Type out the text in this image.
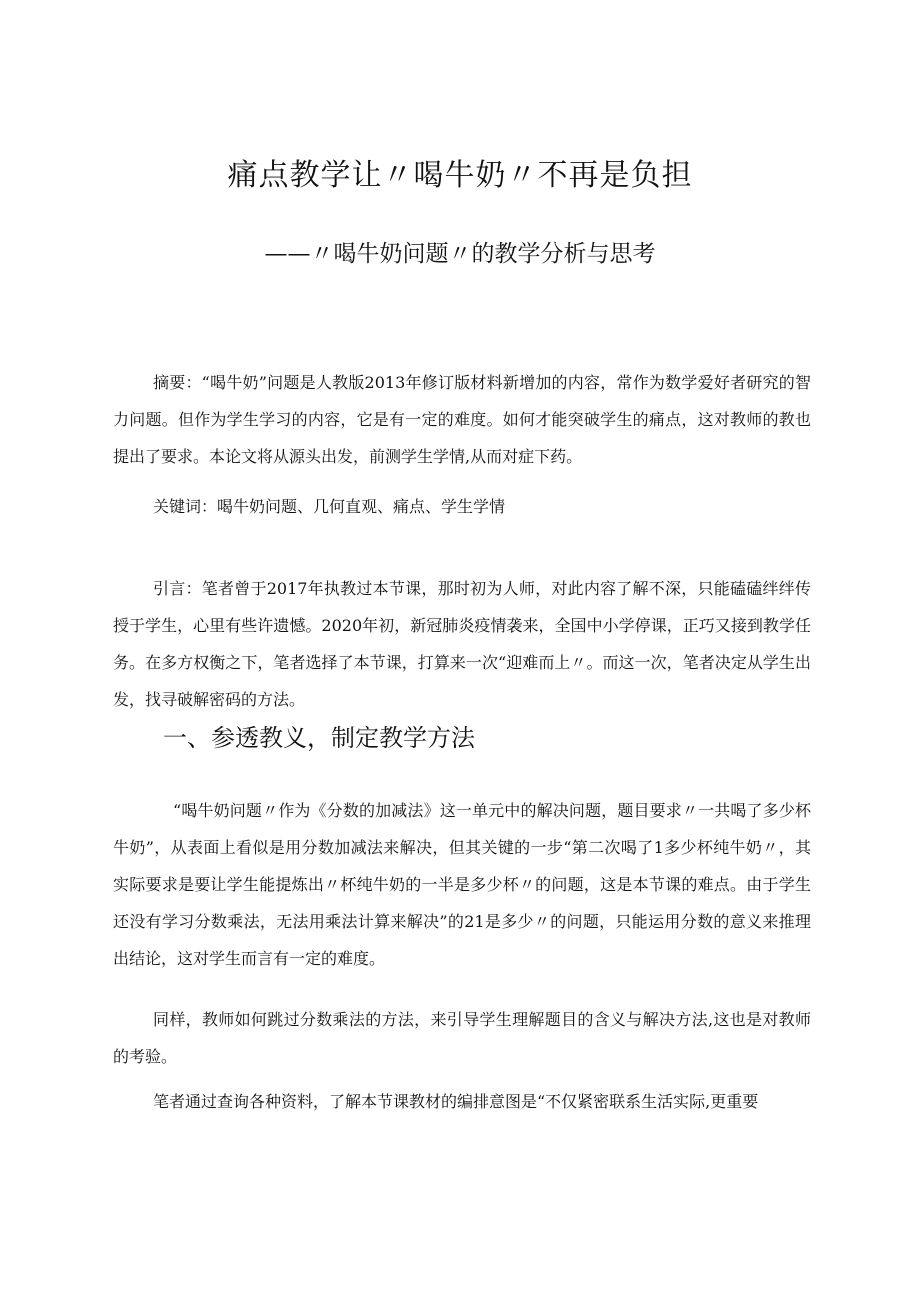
痛点教学让〃喝牛奶〃不再是负担
——〃喝牛奶问题〃的教学分析与思考

摘要：“喝牛奶”问题是人教版2013年修订版材料新增加的内容，常作为数学爱好者研究的智力问题。但作为学生学习的内容，它是有一定的难度。如何才能突破学生的痛点，这对教师的教也提出了要求。本论文将从源头出发，前测学生学情,从而对症下药。

关键词：喝牛奶问题、几何直观、痛点、学生学情

引言：笔者曾于2017年执教过本节课，那时初为人师，对此内容了解不深，只能磕磕绊绊传授于学生，心里有些许遗憾。2020年初，新冠肺炎疫情袭来，全国中小学停课，正巧又接到教学任务。在多方权衡之下，笔者选择了本节课，打算来一次“迎难而上〃。而这一次，笔者决定从学生出发，找寻破解密码的方法。

一、参透教义，制定教学方法

“喝牛奶问题〃作为《分数的加减法》这一单元中的解决问题，题目要求〃一共喝了多少杯牛奶”，从表面上看似是用分数加减法来解决，但其关键的一步“第二次喝了1多少杯纯牛奶〃，其实际要求是要让学生能提炼出〃杯纯牛奶的一半是多少杯〃的问题，这是本节课的难点。由于学生还没有学习分数乘法，无法用乘法计算来解决”的21是多少〃的问题，只能运用分数的意义来推理出结论，这对学生而言有一定的难度。

同样，教师如何跳过分数乘法的方法，来引导学生理解题目的含义与解决方法,这也是对教师的考验。

笔者通过查询各种资料，了解本节课教材的编排意图是“不仅紧密联系生活实际,更重要
